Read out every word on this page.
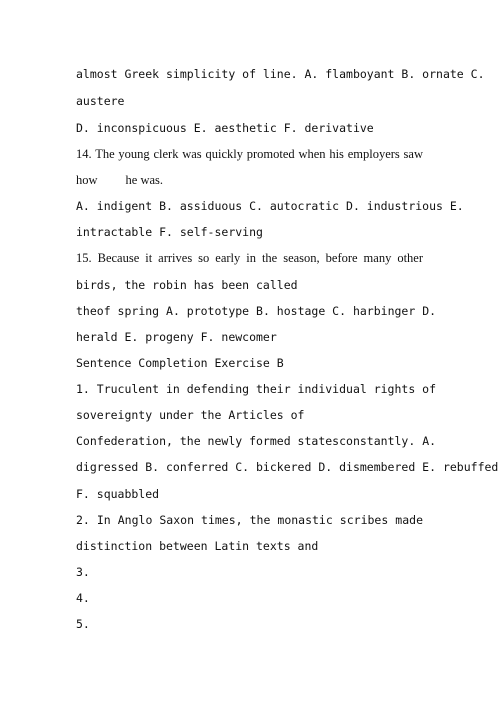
almost Greek simplicity of line. A. flamboyant B. ornate C.
austere
D. inconspicuous E. aesthetic F. derivative
14. The young clerk was quickly promoted when his employers saw
how he was.
A. indigent B. assiduous C. autocratic D. industrious E.
intractable F. self-serving
15. Because it arrives so early in the season, before many other
birds, the robin has been called
theof spring A. prototype B. hostage C. harbinger D.
herald E. progeny F. newcomer
Sentence Completion Exercise B
1. Truculent in defending their individual rights of
sovereignty under the Articles of
Confederation, the newly formed statesconstantly. A.
digressed B. conferred C. bickered D. dismembered E. rebuffed
F. squabbled
2. In Anglo Saxon times, the monastic scribes made
distinction between Latin texts and
3.
4.
5.
